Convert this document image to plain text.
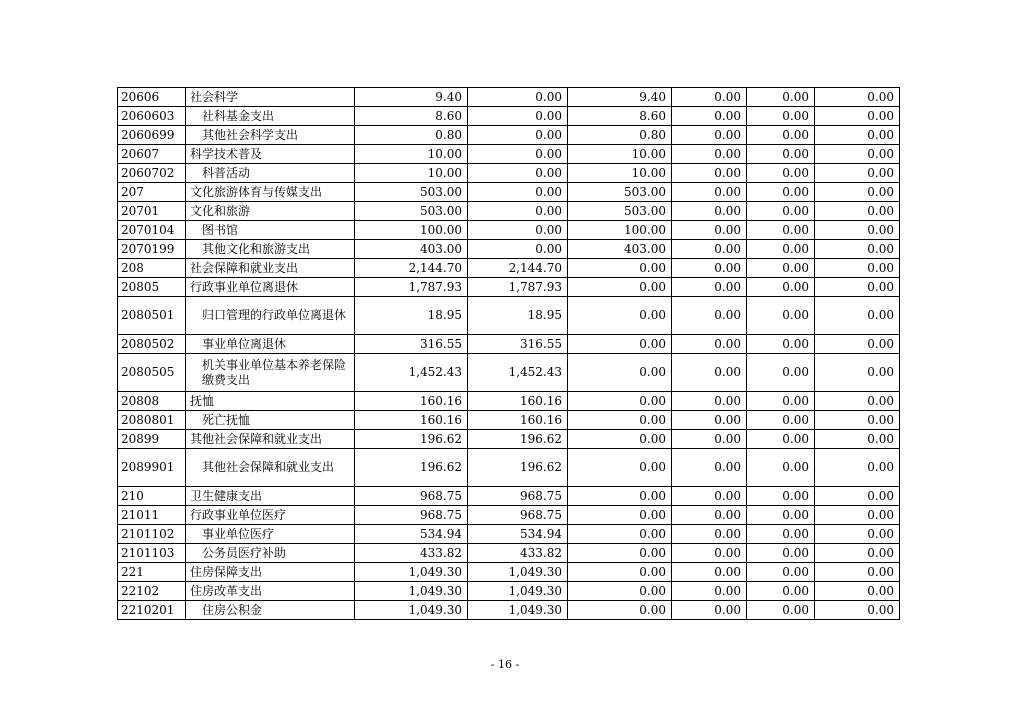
20606	社会科学	9.40	0.00	9.40	0.00	0.00	0.00
2060603	社科基金支出	8.60	0.00	8.60	0.00	0.00	0.00
2060699	其他社会科学支出	0.80	0.00	0.80	0.00	0.00	0.00
20607	科学技术普及	10.00	0.00	10.00	0.00	0.00	0.00
2060702	科普活动	10.00	0.00	10.00	0.00	0.00	0.00
207	文化旅游体育与传媒支出	503.00	0.00	503.00	0.00	0.00	0.00
20701	文化和旅游	503.00	0.00	503.00	0.00	0.00	0.00
2070104	图书馆	100.00	0.00	100.00	0.00	0.00	0.00
2070199	其他文化和旅游支出	403.00	0.00	403.00	0.00	0.00	0.00
208	社会保障和就业支出	2,144.70	2,144.70	0.00	0.00	0.00	0.00
20805	行政事业单位离退休	1,787.93	1,787.93	0.00	0.00	0.00	0.00
2080501	归口管理的行政单位离退休	18.95	18.95	0.00	0.00	0.00	0.00
2080502	事业单位离退休	316.55	316.55	0.00	0.00	0.00	0.00
2080505	机关事业单位基本养老保险缴费支出	1,452.43	1,452.43	0.00	0.00	0.00	0.00
20808	抚恤	160.16	160.16	0.00	0.00	0.00	0.00
2080801	死亡抚恤	160.16	160.16	0.00	0.00	0.00	0.00
20899	其他社会保障和就业支出	196.62	196.62	0.00	0.00	0.00	0.00
2089901	其他社会保障和就业支出	196.62	196.62	0.00	0.00	0.00	0.00
210	卫生健康支出	968.75	968.75	0.00	0.00	0.00	0.00
21011	行政事业单位医疗	968.75	968.75	0.00	0.00	0.00	0.00
2101102	事业单位医疗	534.94	534.94	0.00	0.00	0.00	0.00
2101103	公务员医疗补助	433.82	433.82	0.00	0.00	0.00	0.00
221	住房保障支出	1,049.30	1,049.30	0.00	0.00	0.00	0.00
22102	住房改革支出	1,049.30	1,049.30	0.00	0.00	0.00	0.00
2210201	住房公积金	1,049.30	1,049.30	0.00	0.00	0.00	0.00
- 16 -
